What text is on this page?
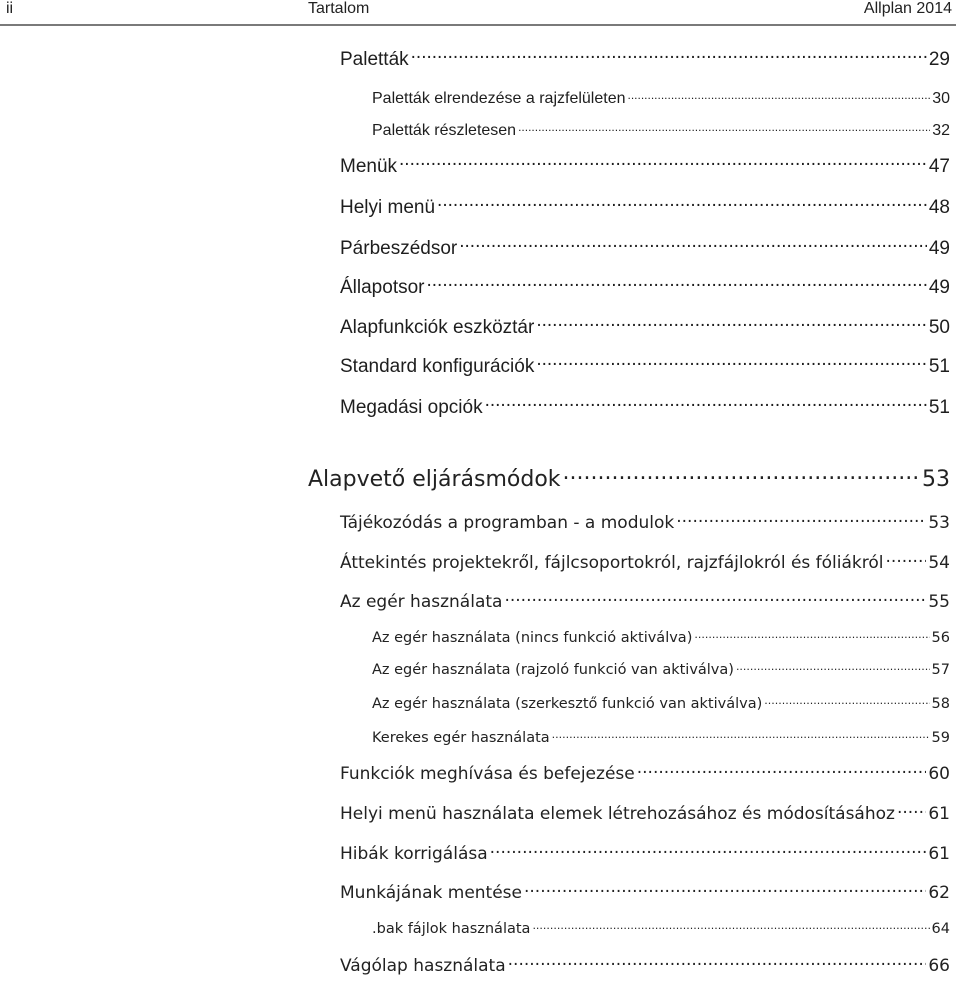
ii	Tartalom	Allplan 2014
Paletták .....	29
Paletták elrendezése a rajzfelületen .....	30
Paletták részletesen .....	32
Menük .....	47
Helyi menü .....	48
Párbeszédsor .....	49
Állapotsor .....	49
Alapfunkciók eszköztár .....	50
Standard konfigurációk .....	51
Megadási opciók .....	51
Alapvető eljárásmódok .....	53
Tájékozódás a programban - a modulok .....	53
Áttekintés projektekről, fájlcsoportokról, rajzfájlokról és fóliákról .....	54
Az egér használata .....	55
Az egér használata (nincs funkció aktiválva) .....	56
Az egér használata (rajzoló funkció van aktiválva) .....	57
Az egér használata (szerkesztő funkció van aktiválva) .....	58
Kerekes egér használata .....	59
Funkciók meghívása és befejezése .....	60
Helyi menü használata elemek létrehozásához és módosításához ..... 61
Hibák korrigálása .....	61
Munkájának mentése .....	62
.bak fájlok használata .....	64
Vágólap használata .....	66
